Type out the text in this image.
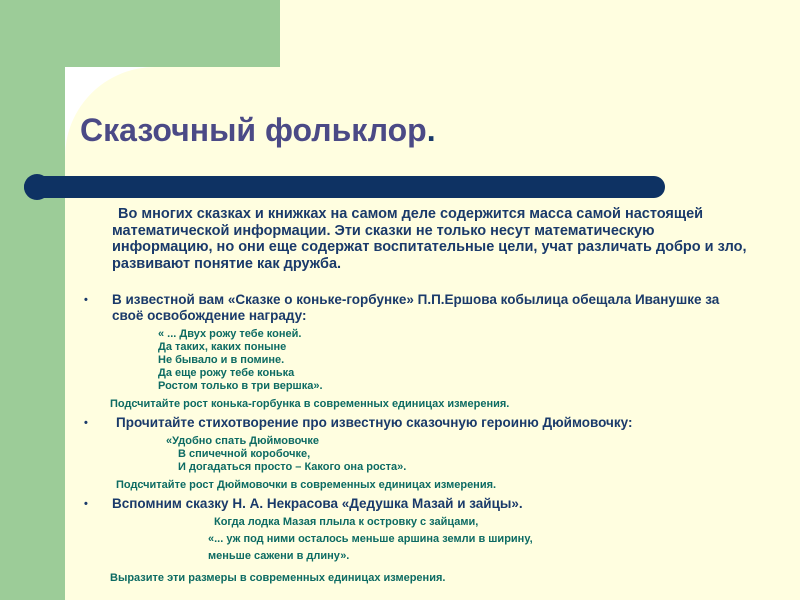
Сказочный фольклор.

Во многих сказках и книжках на самом деле содержится масса самой настоящей математической информации. Эти сказки не только несут математическую информацию, но они еще содержат воспитательные цели, учат различать добро и зло, развивают понятие как дружба.

• В известной вам «Сказке о коньке-горбунке» П.П.Ершова кобылица обещала Иванушке за своё освобождение награду:
« ... Двух рожу тебе коней.
Да таких, каких поныне
Не бывало и в помине.
Да еще рожу тебе конька
Ростом только в три вершка».
Подсчитайте рост конька-горбунка в современных единицах измерения.
• Прочитайте стихотворение про известную сказочную героиню Дюймовочку:
«Удобно спать Дюймовочке
В спичечной коробочке,
И догадаться просто – Какого она роста».
Подсчитайте рост Дюймовочки в современных единицах измерения.
• Вспомним сказку Н. А. Некрасова «Дедушка Мазай и зайцы».
Когда лодка Мазая плыла к островку с зайцами,
«... уж под ними осталось меньше аршина земли в ширину,
меньше сажени в длину».
Выразите эти размеры в современных единицах измерения.
